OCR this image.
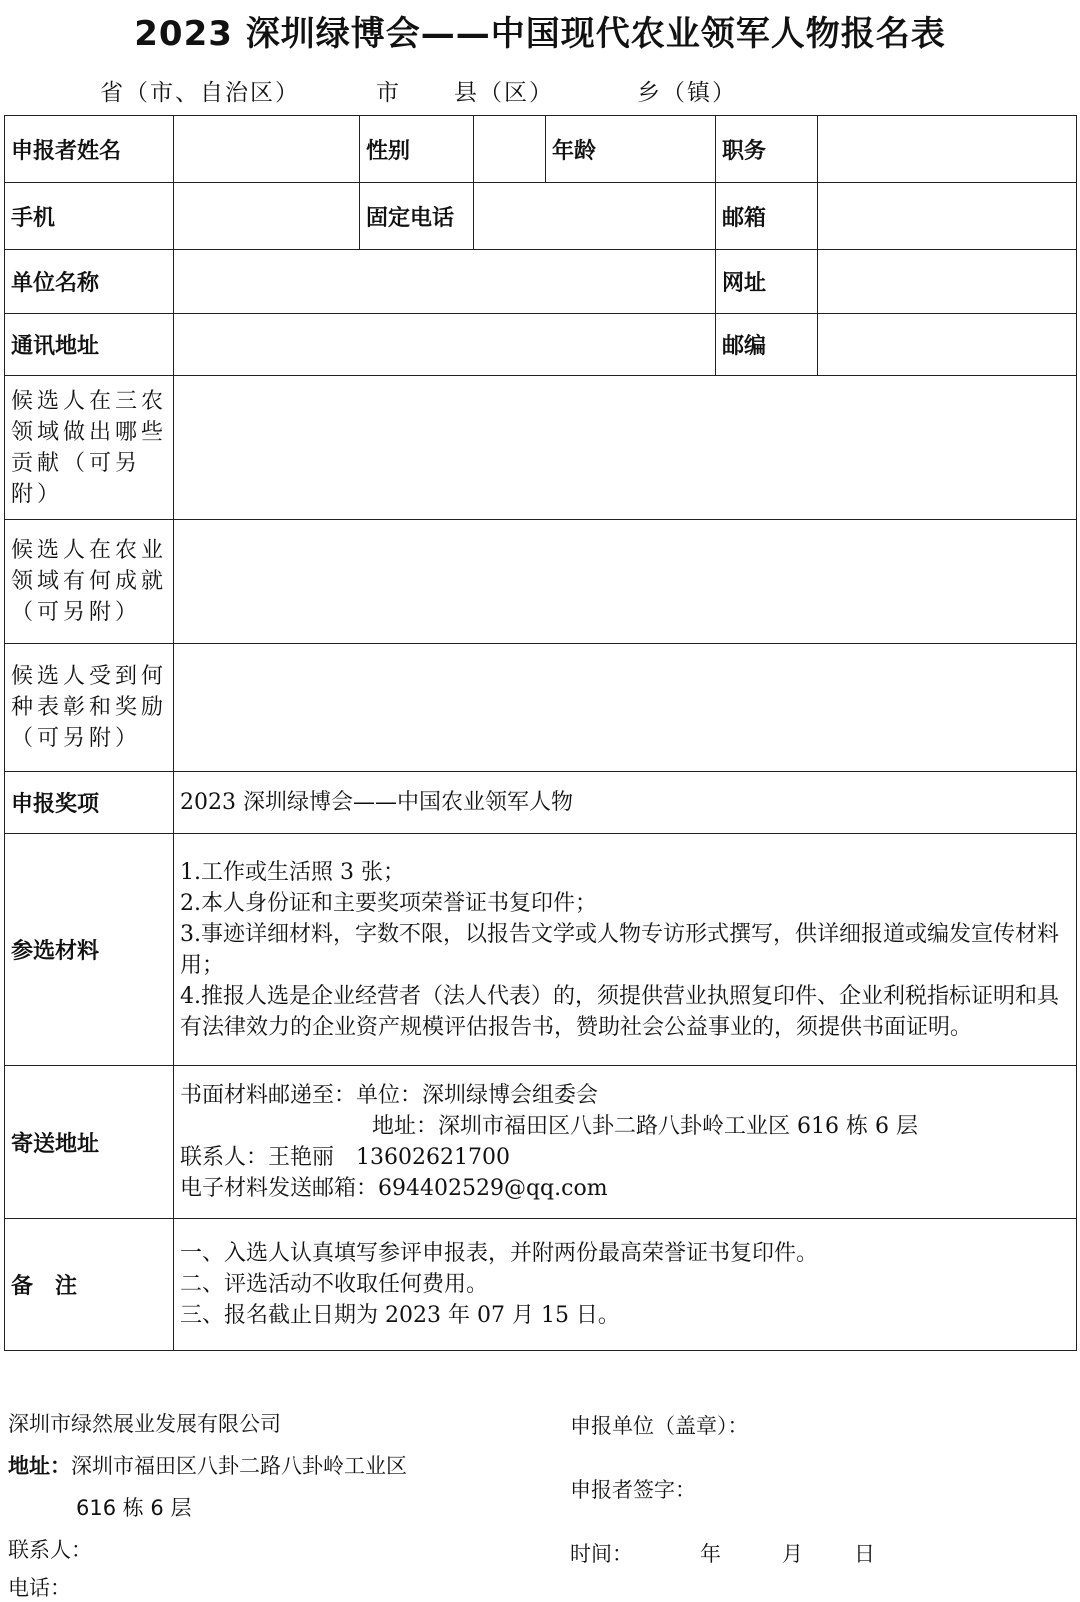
2023 深圳绿博会——中国现代农业领军人物报名表
省（市、自治区）	市 县（区）	乡（镇）
申报者姓名		性别		年龄	职务	
手机		固定电话			邮箱	
单位名称					网址	
通讯地址					邮编	
候选人在三农领域做出哪些贡献（可另附）						
候选人在农业领域有何成就（可另附）						
候选人受到何种表彰和奖励（可另附）						
申报奖项	2023 深圳绿博会——中国农业领军人物					
参选材料	1.工作或生活照 3 张；
2.本人身份证和主要奖项荣誉证书复印件；
3.事迹详细材料，字数不限，以报告文学或人物专访形式撰写，供详细报道或编发宣传材料用；
4.推报人选是企业经营者（法人代表）的，须提供营业执照复印件、企业利税指标证明和具有法律效力的企业资产规模评估报告书，赞助社会公益事业的，须提供书面证明。					

寄送地址	书面材料邮递至：单位：深圳绿博会组委会
地址：深圳市福田区八卦二路八卦岭工业区 616 栋 6 层
联系人：王艳丽　13602621700
电子材料发送邮箱：694402529@qq.com					

备　注	一、入选人认真填写参评申报表，并附两份最高荣誉证书复印件。
二、评选活动不收取任何费用。
三、报名截止日期为 2023 年 07 月 15 日。					
深圳市绿然展业发展有限公司
地址：深圳市福田区八卦二路八卦岭工业区
616 栋 6 层
联系人：
电话：
申报单位（盖章）：
申报者签字：
时间：	年	月 日
